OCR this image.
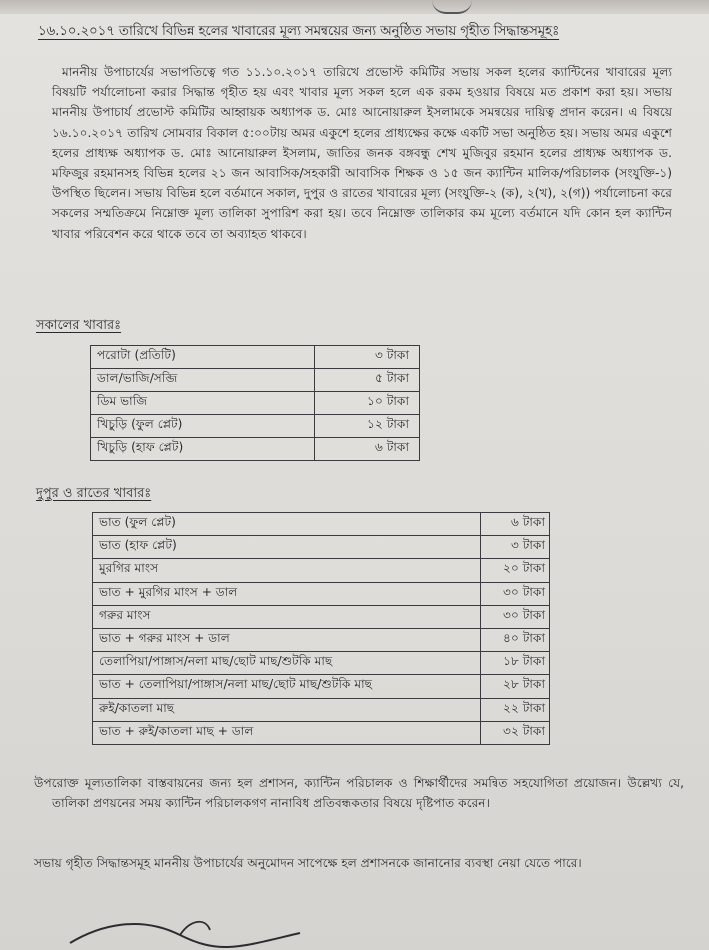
১৬.১০.২০১৭ তারিখে বিভিন্ন হলের খাবারের মূল্য সমন্বয়ের জন্য অনুষ্ঠিত সভায় গৃহীত সিদ্ধান্তসমূহঃ
মাননীয় উপাচার্যের সভাপতিত্বে গত ১১.১০.২০১৭ তারিখে প্রভোস্ট কমিটির সভায় সকল হলের ক্যান্টিনের খাবারের মূল্য বিষয়টি পর্যালোচনা করার সিদ্ধান্ত গৃহীত হয় এবং খাবার মূল্য সকল হলে এক রকম হওয়ার বিষয়ে মত প্রকাশ করা হয়। সভায় মাননীয় উপাচার্য প্রভোস্ট কমিটির আহ্বায়ক অধ্যাপক ড. মোঃ আনোয়ারুল ইসলামকে সমন্বয়ের দায়িত্ব প্রদান করেন। এ বিষয়ে ১৬.১০.২০১৭ তারিখ সোমবার বিকাল ৫:০০টায় অমর একুশে হলের প্রাধ্যক্ষের কক্ষে একটি সভা অনুষ্ঠিত হয়। সভায় অমর একুশে হলের প্রাধ্যক্ষ অধ্যাপক ড. মোঃ আনোয়ারুল ইসলাম, জাতির জনক বঙ্গবন্ধু শেখ মুজিবুর রহমান হলের প্রাধ্যক্ষ অধ্যাপক ড. মফিজুর রহমানসহ বিভিন্ন হলের ২১ জন আবাসিক/সহকারী আবাসিক শিক্ষক ও ১৫ জন ক্যান্টিন মালিক/পরিচালক (সংযুক্তি-১) উপস্থিত ছিলেন। সভায় বিভিন্ন হলে বর্তমানে সকাল, দুপুর ও রাতের খাবারের মূল্য (সংযুক্তি-২ (ক), ২(খ), ২(গ)) পর্যালোচনা করে সকলের সম্মতিক্রমে নিম্নোক্ত মূল্য তালিকা সুপারিশ করা হয়। তবে নিম্নোক্ত তালিকার কম মূল্যে বর্তমানে যদি কোন হল ক্যান্টিন খাবার পরিবেশন করে থাকে তবে তা অব্যাহত থাকবে।
সকালের খাবারঃ
পরোটা (প্রতিটি)	৩ টাকা
ডাল/ভাজি/সব্জি	৫ টাকা
ডিম ভাজি	১০ টাকা
খিচুড়ি (ফুল প্লেট)	১২ টাকা
খিচুড়ি (হাফ প্লেট)	৬ টাকা
দুপুর ও রাতের খাবারঃ
ভাত (ফুল প্লেট)	৬ টাকা
ভাত (হাফ প্লেট)	৩ টাকা
মুরগির মাংস	২০ টাকা
ভাত + মুরগির মাংস + ডাল	৩০ টাকা
গরুর মাংস	৩০ টাকা
ভাত + গরুর মাংস + ডাল	৪০ টাকা
তেলাপিয়া/পাঙ্গাস/নলা মাছ/ছোট মাছ/শুটকি মাছ	১৮ টাকা
ভাত + তেলাপিয়া/পাঙ্গাস/নলা মাছ/ছোট মাছ/শুটকি মাছ	২৮ টাকা
রুই/কাতলা মাছ	২২ টাকা
ভাত + রুই/কাতলা মাছ + ডাল	৩২ টাকা
উপরোক্ত মূল্যতালিকা বাস্তবায়নের জন্য হল প্রশাসন, ক্যান্টিন পরিচালক ও শিক্ষার্থীদের সমন্বিত সহযোগিতা প্রয়োজন। উল্লেখ্য যে, তালিকা প্রণয়নের সময় ক্যান্টিন পরিচালকগণ নানাবিধ প্রতিবন্ধকতার বিষয়ে দৃষ্টিপাত করেন।
সভায় গৃহীত সিদ্ধান্তসমূহ মাননীয় উপাচার্যের অনুমোদন সাপেক্ষে হল প্রশাসনকে জানানোর ব্যবস্থা নেয়া যেতে পারে।
